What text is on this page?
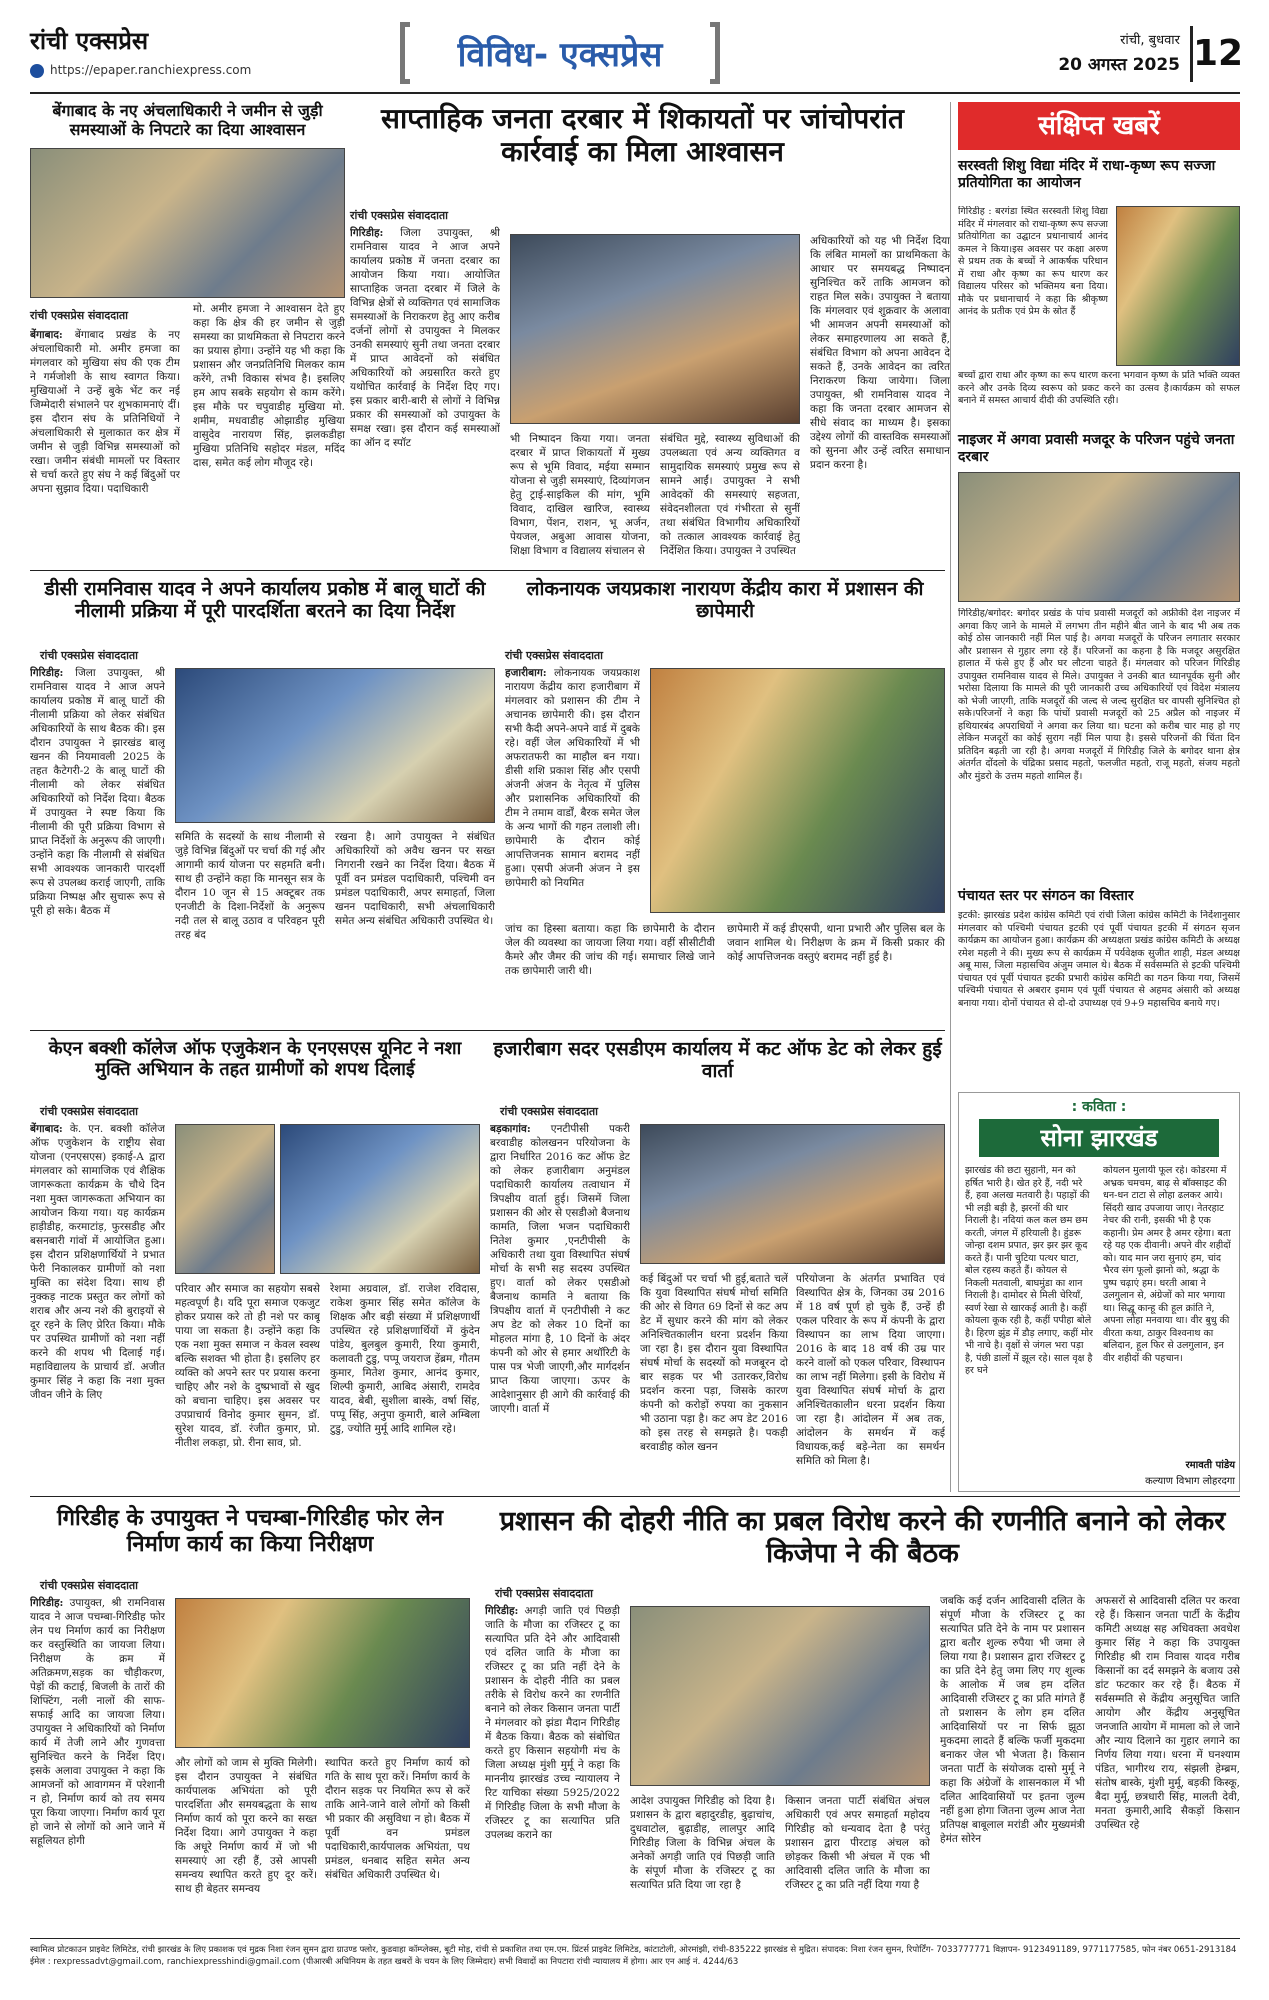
रांची एक्सप्रेस
https://epaper.ranchiexpress.com	विविध- एक्सप्रेस	रांची, बुधवार
20 अगस्त 2025 12
बेंगाबाद के नए अंचलाधिकारी ने जमीन से जुड़ी समस्याओं के निपटारे का दिया आश्वासन
रांची एक्सप्रेस संवाददाता
बेंगाबाद: बेंगाबाद प्रखंड के नए अंचलाधिकारी मो. अमीर हमजा का मंगलवार को मुखिया संघ की एक टीम ने गर्मजोशी के साथ स्वागत किया। मुखियाओं ने उन्हें बुके भेंट कर नई जिम्मेदारी संभालने पर शुभकामनाएं दीं। इस दौरान संघ के प्रतिनिधियों ने अंचलाधिकारी से मुलाकात कर क्षेत्र में जमीन से जुड़ी विभिन्न समस्याओं को रखा। जमीन संबंधी मामलों पर विस्तार से चर्चा करते हुए संघ ने कई बिंदुओं पर अपना सुझाव दिया। पदाधिकारी
मो. अमीर हमजा ने आश्वासन देते हुए कहा कि क्षेत्र की हर जमीन से जुड़ी समस्या का प्राथमिकता से निपटारा करने का प्रयास होगा। उन्होंने यह भी कहा कि प्रशासन और जनप्रतिनिधि मिलकर काम करेंगे, तभी विकास संभव है। इसलिए हम आप सबके सहयोग से काम करेंगे। इस मौके पर चपुवाडीह मुखिया मो. शमीम, मधवाडीह ओझाडीह मुखिया वासुदेव नारायण सिंह, झलकडीहा मुखिया प्रतिनिधि सहोदर मंडल, मदिंद दास, समेत कई लोग मौजूद रहे।
साप्ताहिक जनता दरबार में शिकायतों पर जांचोपरांत कार्रवाई का मिला आश्वासन
रांची एक्सप्रेस संवाददाता
गिरिडीह: जिला उपायुक्त, श्री रामनिवास यादव ने आज अपने कार्यालय प्रकोष्ठ में जनता दरबार का आयोजन किया गया। आयोजित साप्ताहिक जनता दरबार में जिले के विभिन्न क्षेत्रों से व्यक्तिगत एवं सामाजिक समस्याओं के निराकरण हेतु आए करीब दर्जनों लोगों से उपायुक्त ने मिलकर उनकी समस्याएं सुनी तथा जनता दरबार में प्राप्त आवेदनों को संबंधित अधिकारियों को अग्रसारित करते हुए यथोचित कार्रवाई के निर्देश दिए गए। इस प्रकार बारी-बारी से लोगों ने विभिन्न प्रकार की समस्याओं को उपायुक्त के समक्ष रखा। इस दौरान कई समस्याओं का ऑन द स्पॉट	भी निष्पादन किया गया। जनता दरबार में प्राप्त शिकायतों में मुख्य रूप से भूमि विवाद, मईया सम्मान योजना से जुड़ी समस्याएं, दिव्यांगजन हेतु ट्राई-साइकिल की मांग, भूमि विवाद, दाखिल खारिज, स्वास्थ्य विभाग, पेंशन, राशन, भू अर्जन, पेयजल, अबुआ आवास योजना, शिक्षा विभाग व विद्यालय संचालन से
संबंधित मुद्दे, स्वास्थ्य सुविधाओं की उपलब्धता एवं अन्य व्यक्तिगत व सामुदायिक समस्याएं प्रमुख रूप से सामने आईं। उपायुक्त ने सभी आवेदकों की समस्याएं सहजता, संवेदनशीलता एवं गंभीरता से सुनीं तथा संबंधित विभागीय अधिकारियों को तत्काल आवश्यक कार्रवाई हेतु निर्देशित किया। उपायुक्त ने उपस्थित
अधिकारियों को यह भी निर्देश दिया कि लंबित मामलों का प्राथमिकता के आधार पर समयबद्ध निष्पादन सुनिश्चित करें ताकि आमजन को राहत मिल सके। उपायुक्त ने बताया कि मंगलवार एवं शुक्रवार के अलावा भी आमजन अपनी समस्याओं को लेकर समाहरणालय आ सकते हैं, संबंधित विभाग को अपना आवेदन दे सकते हैं, उनके आवेदन का त्वरित निराकरण किया जायेगा। जिला उपायुक्त, श्री रामनिवास यादव ने कहा कि जनता दरबार आमजन से सीधे संवाद का माध्यम है। इसका उद्देश्य लोगों की वास्तविक समस्याओं को सुनना और उन्हें त्वरित समाधान प्रदान करना है।
डीसी रामनिवास यादव ने अपने कार्यालय प्रकोष्ठ में बालू घाटों की नीलामी प्रक्रिया में पूरी पारदर्शिता बरतने का दिया निर्देश
रांची एक्सप्रेस संवाददाता
गिरिडीह: जिला उपायुक्त, श्री रामनिवास यादव ने आज अपने कार्यालय प्रकोष्ठ में बालू घाटों की नीलामी प्रक्रिया को लेकर संबंधित अधिकारियों के साथ बैठक की। इस दौरान उपायुक्त ने झारखंड बालू खनन की नियमावली 2025 के तहत कैटेगरी-2 के बालू घाटों की नीलामी को लेकर संबंधित अधिकारियों को निर्देश दिया। बैठक में उपायुक्त ने स्पष्ट किया कि नीलामी की पूरी प्रक्रिया विभाग से प्राप्त निर्देशों के अनुरूप की जाएगी। उन्होंने कहा कि नीलामी से संबंधित सभी आवश्यक जानकारी पारदर्शी रूप से उपलब्ध कराई जाएगी, ताकि प्रक्रिया निष्पक्ष और सुचारू रूप से पूरी हो सके। बैठक में
समिति के सदस्यों के साथ नीलामी से जुड़े विभिन्न बिंदुओं पर चर्चा की गई और आगामी कार्य योजना पर सहमति बनी। साथ ही उन्होंने कहा कि मानसून सत्र के दौरान 10 जून से 15 अक्टूबर तक एनजीटी के दिशा-निर्देशों के अनुरूप नदी तल से बालू उठाव व परिवहन पूरी तरह बंद
रखना है। आगे उपायुक्त ने संबंधित अधिकारियों को अवैध खनन पर सख्त निगरानी रखने का निर्देश दिया। बैठक में पूर्वी वन प्रमंडल पदाधिकारी, पश्चिमी वन प्रमंडल पदाधिकारी, अपर समाहर्ता, जिला खनन पदाधिकारी, सभी अंचलाधिकारी समेत अन्य संबंधित अधिकारी उपस्थित थे।
लोकनायक जयप्रकाश नारायण केंद्रीय कारा में प्रशासन की छापेमारी
रांची एक्सप्रेस संवाददाता
हजारीबाग: लोकनायक जयप्रकाश नारायण केंद्रीय कारा हजारीबाग में मंगलवार को प्रशासन की टीम ने अचानक छापेमारी की। इस दौरान सभी कैदी अपने-अपने वार्ड में दुबके रहे। वहीं जेल अधिकारियों में भी अफरातफरी का माहौल बन गया। डीसी शशि प्रकाश सिंह और एसपी अंजनी अंजन के नेतृत्व में पुलिस और प्रशासनिक अधिकारियों की टीम ने तमाम वार्डों, बैरक समेत जेल के अन्य भागों की गहन तलाशी ली। छापेमारी के दौरान कोई आपत्तिजनक सामान बरामद नहीं हुआ। एसपी अंजनी अंजन ने इस छापेमारी को नियमित
जांच का हिस्सा बताया। कहा कि छापेमारी के दौरान जेल की व्यवस्था का जायजा लिया गया। वहीं सीसीटीवी कैमरे और जैमर की जांच की गई। समाचार लिखे जाने तक छापेमारी जारी थी।
छापेमारी में कई डीएसपी, थाना प्रभारी और पुलिस बल के जवान शामिल थे। निरीक्षण के क्रम में किसी प्रकार की कोई आपत्तिजनक वस्तुएं बरामद नहीं हुई है।
केएन बक्शी कॉलेज ऑफ एजुकेशन के एनएसएस यूनिट ने नशा मुक्ति अभियान के तहत ग्रामीणों को शपथ दिलाई
रांची एक्सप्रेस संवाददाता
बेंगाबाद: के. एन. बक्शी कॉलेज ऑफ एजुकेशन के राष्ट्रीय सेवा योजना (एनएसएस) इकाई-A द्वारा मंगलवार को सामाजिक एवं शैक्षिक जागरूकता कार्यक्रम के चौथे दिन नशा मुक्त जागरूकता अभियान का आयोजन किया गया। यह कार्यक्रम हाड़ीडीह, करमाटांड़, फुरसडीह और बसनबारी गांवों में आयोजित हुआ। इस दौरान प्रशिक्षणार्थियों ने प्रभात फेरी निकालकर ग्रामीणों को नशा मुक्ति का संदेश दिया। साथ ही नुक्कड़ नाटक प्रस्तुत कर लोगों को शराब और अन्य नशे की बुराइयों से दूर रहने के लिए प्रेरित किया। मौके पर उपस्थित ग्रामीणों को नशा नहीं करने की शपथ भी दिलाई गई। महाविद्यालय के प्राचार्य डॉ. अजीत कुमार सिंह ने कहा कि नशा मुक्त जीवन जीने के लिए
परिवार और समाज का सहयोग सबसे महत्वपूर्ण है। यदि पूरा समाज एकजुट होकर प्रयास करे तो ही नशे पर काबू पाया जा सकता है। उन्होंने कहा कि एक नशा मुक्त समाज न केवल स्वस्थ बल्कि सशक्त भी होता है। इसलिए हर व्यक्ति को अपने स्तर पर प्रयास करना चाहिए और नशे के दुष्प्रभावों से खुद को बचाना चाहिए। इस अवसर पर उपप्राचार्य विनोद कुमार सुमन, डॉ. सुरेश यादव, डॉ. रंजीत कुमार, प्रो. नीतीश लकड़ा, प्रो. रीना साव, प्रो.
रेशमा अग्रवाल, डॉ. राजेश रविदास, राकेश कुमार सिंह समेत कॉलेज के शिक्षक और बड़ी संख्या में प्रशिक्षणार्थी उपस्थित रहे प्रशिक्षणार्थियों में कुंदेन पांडेय, बुलबुल कुमारी, रिया कुमारी, कलावती टुडु, पप्पू जयराज हेंब्रम, गौतम कुमार, मितेश कुमार, आनंद कुमार, शिल्पी कुमारी, आबिद अंसारी, रामदेव यादव, बेबी, सुशीला बास्के, वर्षा सिंह, पप्पू सिंह, अनुपा कुमारी, बाले अम्बिला टुडु, ज्योति मुर्मू आदि शामिल रहे।
हजारीबाग सदर एसडीएम कार्यालय में कट ऑफ डेट को लेकर हुई वार्ता
रांची एक्सप्रेस संवाददाता
बड़कागांव: एनटीपीसी पकरी बरवाडीह कोलखनन परियोजना के द्वारा निर्धारित 2016 कट ऑफ डेट को लेकर हजारीबाग अनुमंडल पदाधिकारी कार्यालय तत्वाधान में त्रिपक्षीय वार्ता हुई। जिसमें जिला प्रशासन की ओर से एसडीओ बैजनाथ कामति, जिला भजन पदाधिकारी नितेश कुमार ,एनटीपीसी के अधिकारी तथा युवा विस्थापित संघर्ष मोर्चा के सभी सह सदस्य उपस्थित हुए। वार्ता को लेकर एसडीओ बैजनाथ कामति ने बताया कि त्रिपक्षीय वार्ता में एनटीपीसी ने कट अप डेट को लेकर 10 दिनों का मोहलत मांगा है, 10 दिनों के अंदर कंपनी को ओर से हमार अथॉरिटी के पास पत्र भेजी जाएगी,और मार्गदर्शन प्राप्त किया जाएगा। ऊपर के आदेशानुसार ही आगे की कार्रवाई की जाएगी। वार्ता में
कई बिंदुओं पर चर्चा भी हुई,बताते चलें कि युवा विस्थापित संघर्ष मोर्चा समिति की ओर से विगत 69 दिनों से कट अप डेट में सुधार करने की मांग को लेकर अनिश्चितकालीन धरना प्रदर्शन किया जा रहा है। इस दौरान युवा विस्थापित संघर्ष मोर्चा के सदस्यों को मजबूरन दो बार सड़क पर भी उतारकर,विरोध प्रदर्शन करना पड़ा, जिसके कारण कंपनी को करोड़ों रुपया का नुकसान भी उठाना पड़ा है। कट अप डेट 2016 को इस तरह से समझते है। पकड़ी बरवाडीह कोल खनन
परियोजना के अंतर्गत प्रभावित एवं विस्थापित क्षेत्र के, जिनका उम्र 2016 में 18 वर्ष पूर्ण हो चुके हैं, उन्हें ही एकल परिवार के रूप में कंपनी के द्वारा विस्थापन का लाभ दिया जाएगा। 2016 के बाद 18 वर्ष की उम्र पार करने वालों को एकल परिवार, विस्थापन का लाभ नहीं मिलेगा। इसी के विरोध में युवा विस्थापित संघर्ष मोर्चा के द्वारा अनिश्चितकालीन धरना प्रदर्शन किया जा रहा है। आंदोलन में अब तक, आंदोलन के समर्थन में कई विधायक,कई बड़े-नेता का समर्थन समिति को मिला है।
गिरिडीह के उपायुक्त ने पचम्बा-गिरिडीह फोर लेन निर्माण कार्य का किया निरीक्षण
रांची एक्सप्रेस संवाददाता
गिरिडीह: उपायुक्त, श्री रामनिवास यादव ने आज पचम्बा-गिरिडीह फोर लेन पथ निर्माण कार्य का निरीक्षण कर वस्तुस्थिति का जायजा लिया। निरीक्षण के क्रम में अतिक्रमण,सड़क का चौड़ीकरण, पेड़ों की कटाई, बिजली के तारों की शिफ्टिंग, नली नालों की साफ-सफाई आदि का जायजा लिया। उपायुक्त ने अधिकारियों को निर्माण कार्य में तेजी लाने और गुणवत्ता सुनिश्चित करने के निर्देश दिए। इसके अलावा उपायुक्त ने कहा कि आमजनों को आवागमन में परेशानी न हो, निर्माण कार्य को तय समय पूरा किया जाएगा। निर्माण कार्य पूरा हो जाने से लोगों को आने जाने में सहूलियत होगी
और लोगों को जाम से मुक्ति मिलेगी। इस दौरान उपायुक्त ने संबंधित कार्यपालक अभियंता को पूरी पारदर्शिता और समयबद्धता के साथ निर्माण कार्य को पूरा करने का सख्त निर्देश दिया। आगे उपायुक्त ने कहा कि अधूरे निर्माण कार्य में जो भी समस्याएं आ रही हैं, उसे आपसी समन्वय स्थापित करते हुए दूर करें। साथ ही बेहतर समन्वय
स्थापित करते हुए निर्माण कार्य को गति के साथ पूरा करें। निर्माण कार्य के दौरान सड़क पर नियमित रूप से करें ताकि आने-जाने वाले लोगों को किसी भी प्रकार की असुविधा न हो। बैठक में पूर्वी वन प्रमंडल पदाधिकारी,कार्यपालक अभियंता, पथ प्रमंडल, धनबाद सहित समेत अन्य संबंधित अधिकारी उपस्थित थे।
प्रशासन की दोहरी नीति का प्रबल विरोध करने की रणनीति बनाने को लेकर किजेपा ने की बैठक
रांची एक्सप्रेस संवाददाता
गिरिडीह: अगड़ी जाति एवं पिछड़ी जाति के मौजा का रजिस्टर टू का सत्यापित प्रति देने और आदिवासी एवं दलित जाति के मौजा का रजिस्टर टू का प्रति नहीं देने के प्रशासन के दोहरी नीति का प्रबल तरीके से विरोध करने का रणनीति बनाने को लेकर किसान जनता पार्टी ने मंगलवार को झंडा मैदान गिरिडीह में बैठक किया। बैठक को संबोधित करते हुए किसान सहयोगी मंच के जिला अध्यक्ष मुंशी मुर्मू ने कहा कि माननीय झारखंड उच्च न्यायालय ने रिट याचिका संख्या 5925/2022 में गिरिडीह जिला के सभी मौजा के रजिस्टर टू का सत्यापित प्रति उपलब्ध कराने का
आदेश उपायुक्त गिरिडीह को दिया है। प्रशासन के द्वारा बहादुरडीह, बुढ़ाचांच, दुधवाटोल, बुढ़ाडीह, लालपुर आदि गिरिडीह जिला के विभिन्न अंचल के अनेकों अगड़ी जाति एवं पिछड़ी जाति के संपूर्ण मौजा के रजिस्टर टू का सत्यापित प्रति दिया जा रहा है
किसान जनता पार्टी संबंधित अंचल अधिकारी एवं अपर समाहर्ता महोदय गिरिडीह को धन्यवाद देता है परंतु प्रशासन द्वारा पीरटाड़ अंचल को छोड़कर किसी भी अंचल में एक भी आदिवासी दलित जाति के मौजा का रजिस्टर टू का प्रति नहीं दिया गया है
जबकि कई दर्जन आदिवासी दलित के संपूर्ण मौजा के रजिस्टर टू का सत्यापित प्रति देने के नाम पर प्रशासन द्वारा बतौर शुल्क रुपैया भी जमा ले लिया गया है। प्रशासन द्वारा रजिस्टर टू का प्रति देने हेतु जमा लिए गए शुल्क के आलोक में जब हम दलित आदिवासी रजिस्टर टू का प्रति मांगते हैं तो प्रशासन के लोग हम दलित आदिवासियों पर ना सिर्फ झूठा मुकदमा लादते हैं बल्कि फर्जी मुकदमा बनाकर जेल भी भेजता है। किसान जनता पार्टी के संयोजक दासो मुर्मू ने कहा कि अंग्रेजों के शासनकाल में भी दलित आदिवासियों पर इतना जुल्म नहीं हुआ होगा जितना जुल्म आज नेता प्रतिपक्ष बाबूलाल मरांडी और मुख्यमंत्री हेमंत सोरेन
अफसरों से आदिवासी दलित पर करवा रहे हैं। किसान जनता पार्टी के केंद्रीय कमिटी अध्यक्ष सह अधिवक्ता अवधेश कुमार सिंह ने कहा कि उपायुक्त गिरिडीह श्री राम निवास यादव गरीब किसानों का दर्द समझने के बजाय उसे डांट फटकार कर रहे हैं। बैठक में सर्वसम्मति से केंद्रीय अनुसूचित जाति आयोग और केंद्रीय अनुसूचित जनजाति आयोग में मामला को ले जाने और न्याय दिलाने का गुहार लगाने का निर्णय लिया गया। धरना में घनश्याम पंडित, भागीरथ राय, संझली हेम्ब्रम, संतोष बास्के, मुंशी मुर्मू, बड़की किस्कू, बैदा मुर्मू, छत्रधारी सिंह, मालती देवी, मनता कुमारी,आदि सैकड़ों किसान उपस्थित रहे
संक्षिप्त खबरें
सरस्वती शिशु विद्या मंदिर में राधा-कृष्ण रूप सज्जा प्रतियोगिता का आयोजन
गिरिडीह : बरगंडा स्थित सरस्वती शिशु विद्या मंदिर में मंगलवार को राधा-कृष्ण रूप सज्जा प्रतियोगिता का उद्घाटन प्रधानाचार्य आनंद कमल ने किया।इस अवसर पर कक्षा अरुण से प्रथम तक के बच्चों ने आकर्षक परिधान में राधा और कृष्ण का रूप धारण कर विद्यालय परिसर को भक्तिमय बना दिया।मौके पर प्रधानाचार्य ने कहा कि श्रीकृष्ण आनंद के प्रतीक एवं प्रेम के स्रोत हैं
बच्चों द्वारा राधा और कृष्ण का रूप धारण करना भगवान कृष्ण के प्रति भक्ति व्यक्त करने और उनके दिव्य स्वरूप को प्रकट करने का उत्सव है।कार्यक्रम को सफल बनाने में समस्त आचार्य दीदी की उपस्थिति रही।
नाइजर में अगवा प्रवासी मजदूर के परिजन पहुंचे जनता दरबार
गिरिडीह/बगोदर: बगोदर प्रखंड के पांच प्रवासी मजदूरों को अफ्रीकी देश नाइजर में अगवा किए जाने के मामले में लगभग तीन महीने बीत जाने के बाद भी अब तक कोई ठोस जानकारी नहीं मिल पाई है। अगवा मजदूरों के परिजन लगातार सरकार और प्रशासन से गुहार लगा रहे हैं। परिजनों का कहना है कि मजदूर असुरक्षित हालात में फंसे हुए हैं और घर लौटना चाहते हैं। मंगलवार को परिजन गिरिडीह उपायुक्त रामनिवास यादव से मिले। उपायुक्त ने उनकी बात ध्यानपूर्वक सुनी और भरोसा दिलाया कि मामले की पूरी जानकारी उच्च अधिकारियों एवं विदेश मंत्रालय को भेजी जाएगी, ताकि मजदूरों की जल्द से जल्द सुरक्षित घर वापसी सुनिश्चित हो सके।परिजनों ने कहा कि पांचों प्रवासी मजदूरों को 25 अप्रैल को नाइजर में हथियारबंद अपराधियों ने अगवा कर लिया था। घटना को करीब चार माह हो गए लेकिन मजदूरों का कोई सुराग नहीं मिल पाया है। इससे परिजनों की चिंता दिन प्रतिदिन बढ़ती जा रही है। अगवा मजदूरों में गिरिडीह जिले के बगोदर थाना क्षेत्र अंतर्गत दोंदलो के चंद्रिका प्रसाद महतो, फलजीत महतो, राजू महतो, संजय महतो और मुंडरो के उत्तम महतो शामिल हैं।
पंचायत स्तर पर संगठन का विस्तार
इटकी: झारखंड प्रदेश कांग्रेस कमिटी एवं रांची जिला कांग्रेस कमिटी के निर्देशानुसार मंगलवार को पश्चिमी पंचायत इटकी एवं पूर्वी पंचायत इटकी में संगठन सृजन कार्यक्रम का आयोजन हुआ। कार्यक्रम की अध्यक्षता प्रखंड कांग्रेस कमिटी के अध्यक्ष रमेश महली ने की। मुख्य रूप से कार्यक्रम में पर्यवेक्षक सुजीत शाही, मंडल अध्यक्ष अबू मास, जिला महासचिव अंजुम जमाल थे। बैठक में सर्वसम्मति से इटकी पश्चिमी पंचायत एवं पूर्वी पंचायत इटकी प्रभारी कांग्रेस कमिटी का गठन किया गया, जिसमें पश्चिमी पंचायत से अबरार इमाम एवं पूर्वी पंचायत से अहमद अंसारी को अध्यक्ष बनाया गया। दोनों पंचायत से दो-दो उपाध्यक्ष एवं 9+9 महासचिव बनाये गए।
: कविता :
सोना झारखंड
झारखंड की छटा सुहानी, मन को हर्षित भारी है। खेत हरे हैं, नदी भरे हैं, हवा अलख मतवारी है। पहाड़ों की भी लड़ी बड़ी है, झरनों की धार निराली है। नदियां कल कल छम छम करती, जंगल में हरियाली है। हुंडरू जोन्हा दशम प्रपात, झर झर झर कूद करते हैं। पानी चुटिया पत्थर घाटा, बोल रहस्य कहते हैं। कोयल से निकली मतवाली, बाघमुंडा का शान निराली है। दामोदर से मिली चेरियाँ, स्वर्ण रेखा से खारकई आती है। कहीं कोयला कूक रही है, कहीं पपीहा बोले है। हिरण झुंड में डौड़ लगाए, कहीं मोर भी नाचे है। वृक्षों से जंगल भरा पड़ा है, पंछी डालों में झूल रहे। साल वृक्ष है हर घने
कोयलन मुलायी फूल रहे। कोडरमा में अभ्रक चमचम, बाढ़ से बॉक्साइट की धन-धन टाटा से लोहा ढलकर आये। सिंदरी खाद उपजाया जाए। नेतरहाट नेचर की रानी, इसकी भी है एक कहानी। प्रेम अमर है अमर रहेगा। बता रहे यह एक दीवानी। अपने वीर शहीदों को। याद मान जरा सुनाएं हम, चांद भैरव संग फूलो झानो को, श्रद्धा के पुष्प चढ़ाएं हम। धरती आबा ने उलगुलान से, अंग्रेजों को मार भगाया था। सिद्धू कान्हू की हूल क्रांति ने, अपना लोहा मनवाया था। वीर बुधु की वीरता कथा, ठाकुर विश्वनाथ का बलिदान, हूल फिर से उलगुलान, इन वीर शहीदों की पहचान।
रमावती पांडेय
कल्याण विभाग लोहरदगा
स्वामित्व प्रोटकाउन प्राइवेट लिमिटेड, रांची झारखंड के लिए प्रकाशक एवं मुद्रक निशा रंजन सुमन द्वारा ग्राउण्ड फ्लोर, कुडवाहा कॉम्प्लेक्स, बूटी मोड़, रांची से प्रकाशित तथा एम.एम. प्रिंटर्स प्राइवेट लिमिटेड, कांटाटोली, ओरमांझी, रांची-835222 झारखंड से मुद्रित। संपादक: निशा रंजन सुमन, रिपोर्टिंग- 7033777771 विज्ञापन- 9123491189, 9771177585, फोन नंबर 0651-2913184 ईमेल : rexpressadvt@gmail.com, ranchiexpresshindi@gmail.com (पीआरबी अधिनियम के तहत खबरों के चयन के लिए जिम्मेदार) सभी विवादों का निपटारा रांची न्यायालय में होगा। आर एन आई नं. 4244/63
